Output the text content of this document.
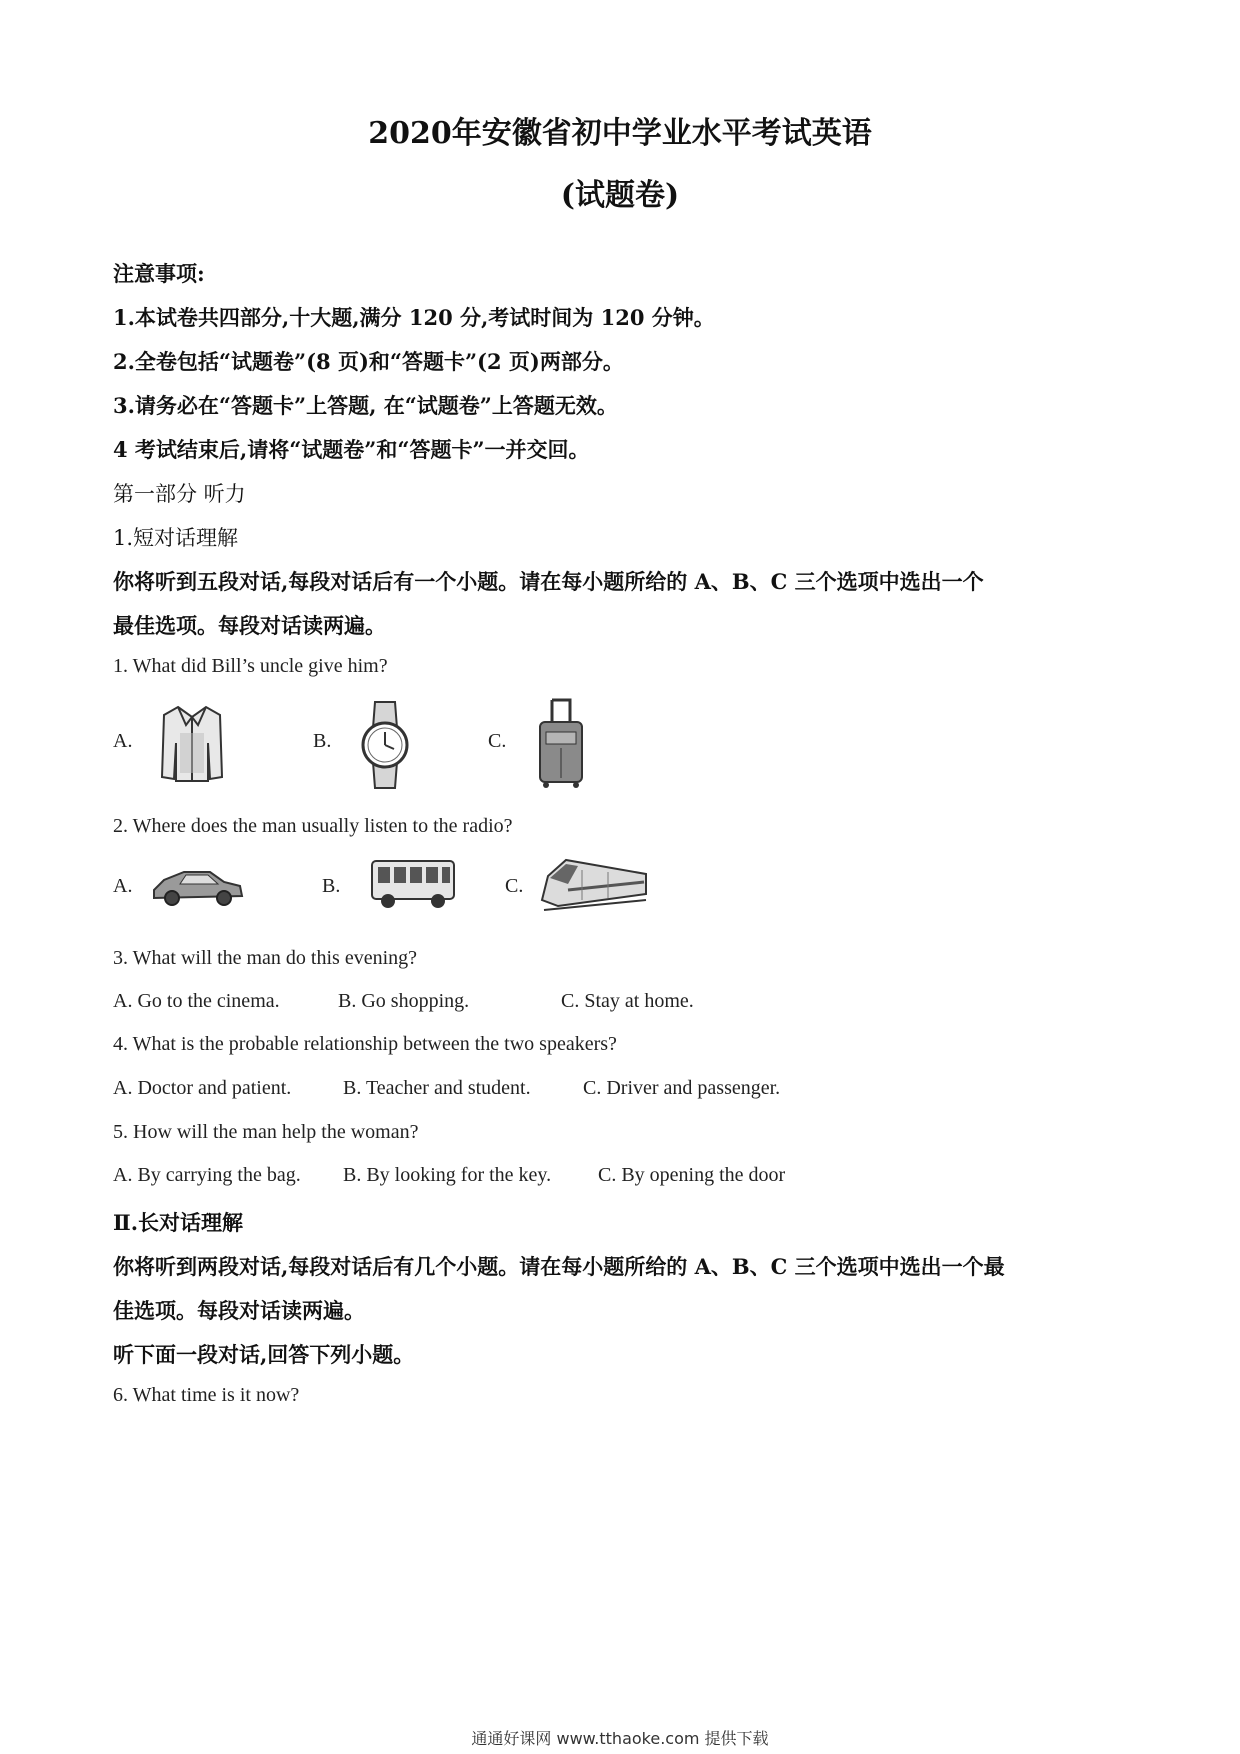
2020年安徽省初中学业水平考试英语
(试题卷)
注意事项:
1.本试卷共四部分,十大题,满分 120 分,考试时间为 120 分钟。
2.全卷包括“试题卷”(8 页)和“答题卡”(2 页)两部分。
3.请务必在“答题卡”上答题, 在“试题卷”上答题无效。
4 考试结束后,请将“试题卷”和“答题卡”一并交回。
第一部分 听力
1.短对话理解
你将听到五段对话,每段对话后有一个小题。请在每小题所给的 A、B、C 三个选项中选出一个
最佳选项。每段对话读两遍。
1. What did Bill’s uncle give him?
A.	B.	C.
2. Where does the man usually listen to the radio?
A.	B.	C.
3. What will the man do this evening?
A. Go to the cinema.	B. Go shopping.	C. Stay at home.
4. What is the probable relationship between the two speakers?
A. Doctor and patient.	B. Teacher and student.	C. Driver and passenger.
5. How will the man help the woman?
A. By carrying the bag. B. By looking for the key. C. By opening the door
Ⅱ.长对话理解
你将听到两段对话,每段对话后有几个小题。请在每小题所给的 A、B、C 三个选项中选出一个最
佳选项。每段对话读两遍。
听下面一段对话,回答下列小题。
6. What time is it now?
通通好课网 www.tthaoke.com 提供下载
